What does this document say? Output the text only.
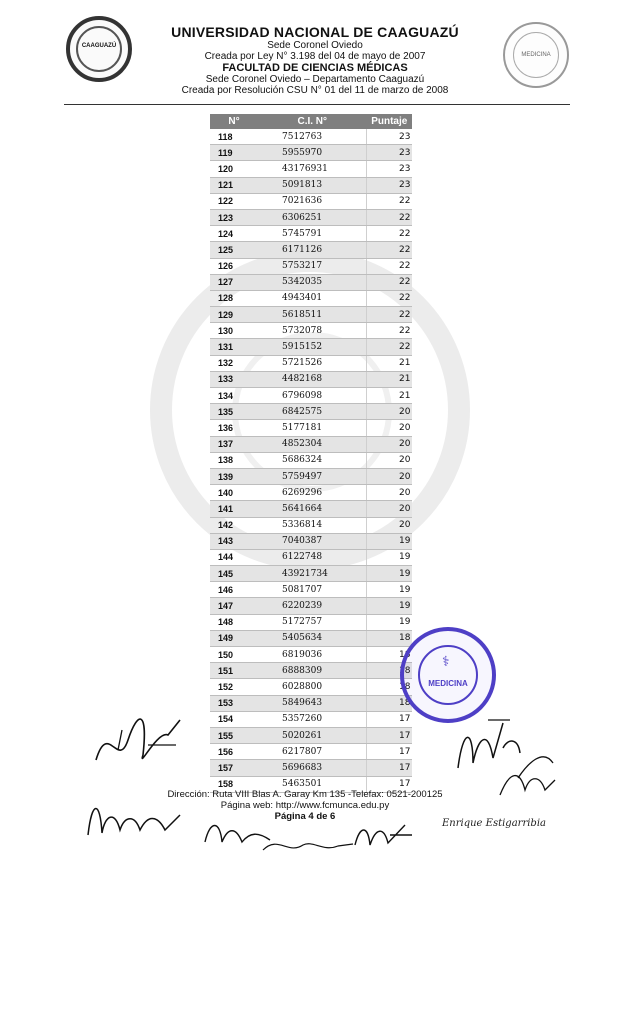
CAAGUAZÚ
MEDICINA
UNIVERSIDAD NACIONAL DE CAAGUAZÚ
Sede Coronel Oviedo
Creada por Ley N° 3.198 del 04 de mayo de 2007
FACULTAD DE CIENCIAS MÉDICAS
Sede Coronel Oviedo – Departamento Caaguazú
Creada por Resolución CSU N° 01 del 11 de marzo de 2008
N°	C.I. N°	Puntaje
118	7512763	23
119	5955970	23
120	43176931	23
121	5091813	23
122	7021636	22
123	6306251	22
124	5745791	22
125	6171126	22
126	5753217	22
127	5342035	22
128	4943401	22
129	5618511	22
130	5732078	22
131	5915152	22
132	5721526	21
133	4482168	21
134	6796098	21
135	6842575	20
136	5177181	20
137	4852304	20
138	5686324	20
139	5759497	20
140	6269296	20
141	5641664	20
142	5336814	20
143	7040387	19
144	6122748	19
145	43921734	19
146	5081707	19
147	6220239	19
148	5172757	19
149	5405634	18
150	6819036	18
151	6888309	18
152	6028800	18
153	5849643	18
154	5357260	17
155	5020261	17
156	6217807	17
157	5696683	17
158	5463501	17
⚕
MEDICINA
Enrique Estigarribia
Dirección: Ruta VIII Blas A. Garay Km 135 -Telefax: 0521-200125
Página web: http://www.fcmunca.edu.py
Página 4 de 6
